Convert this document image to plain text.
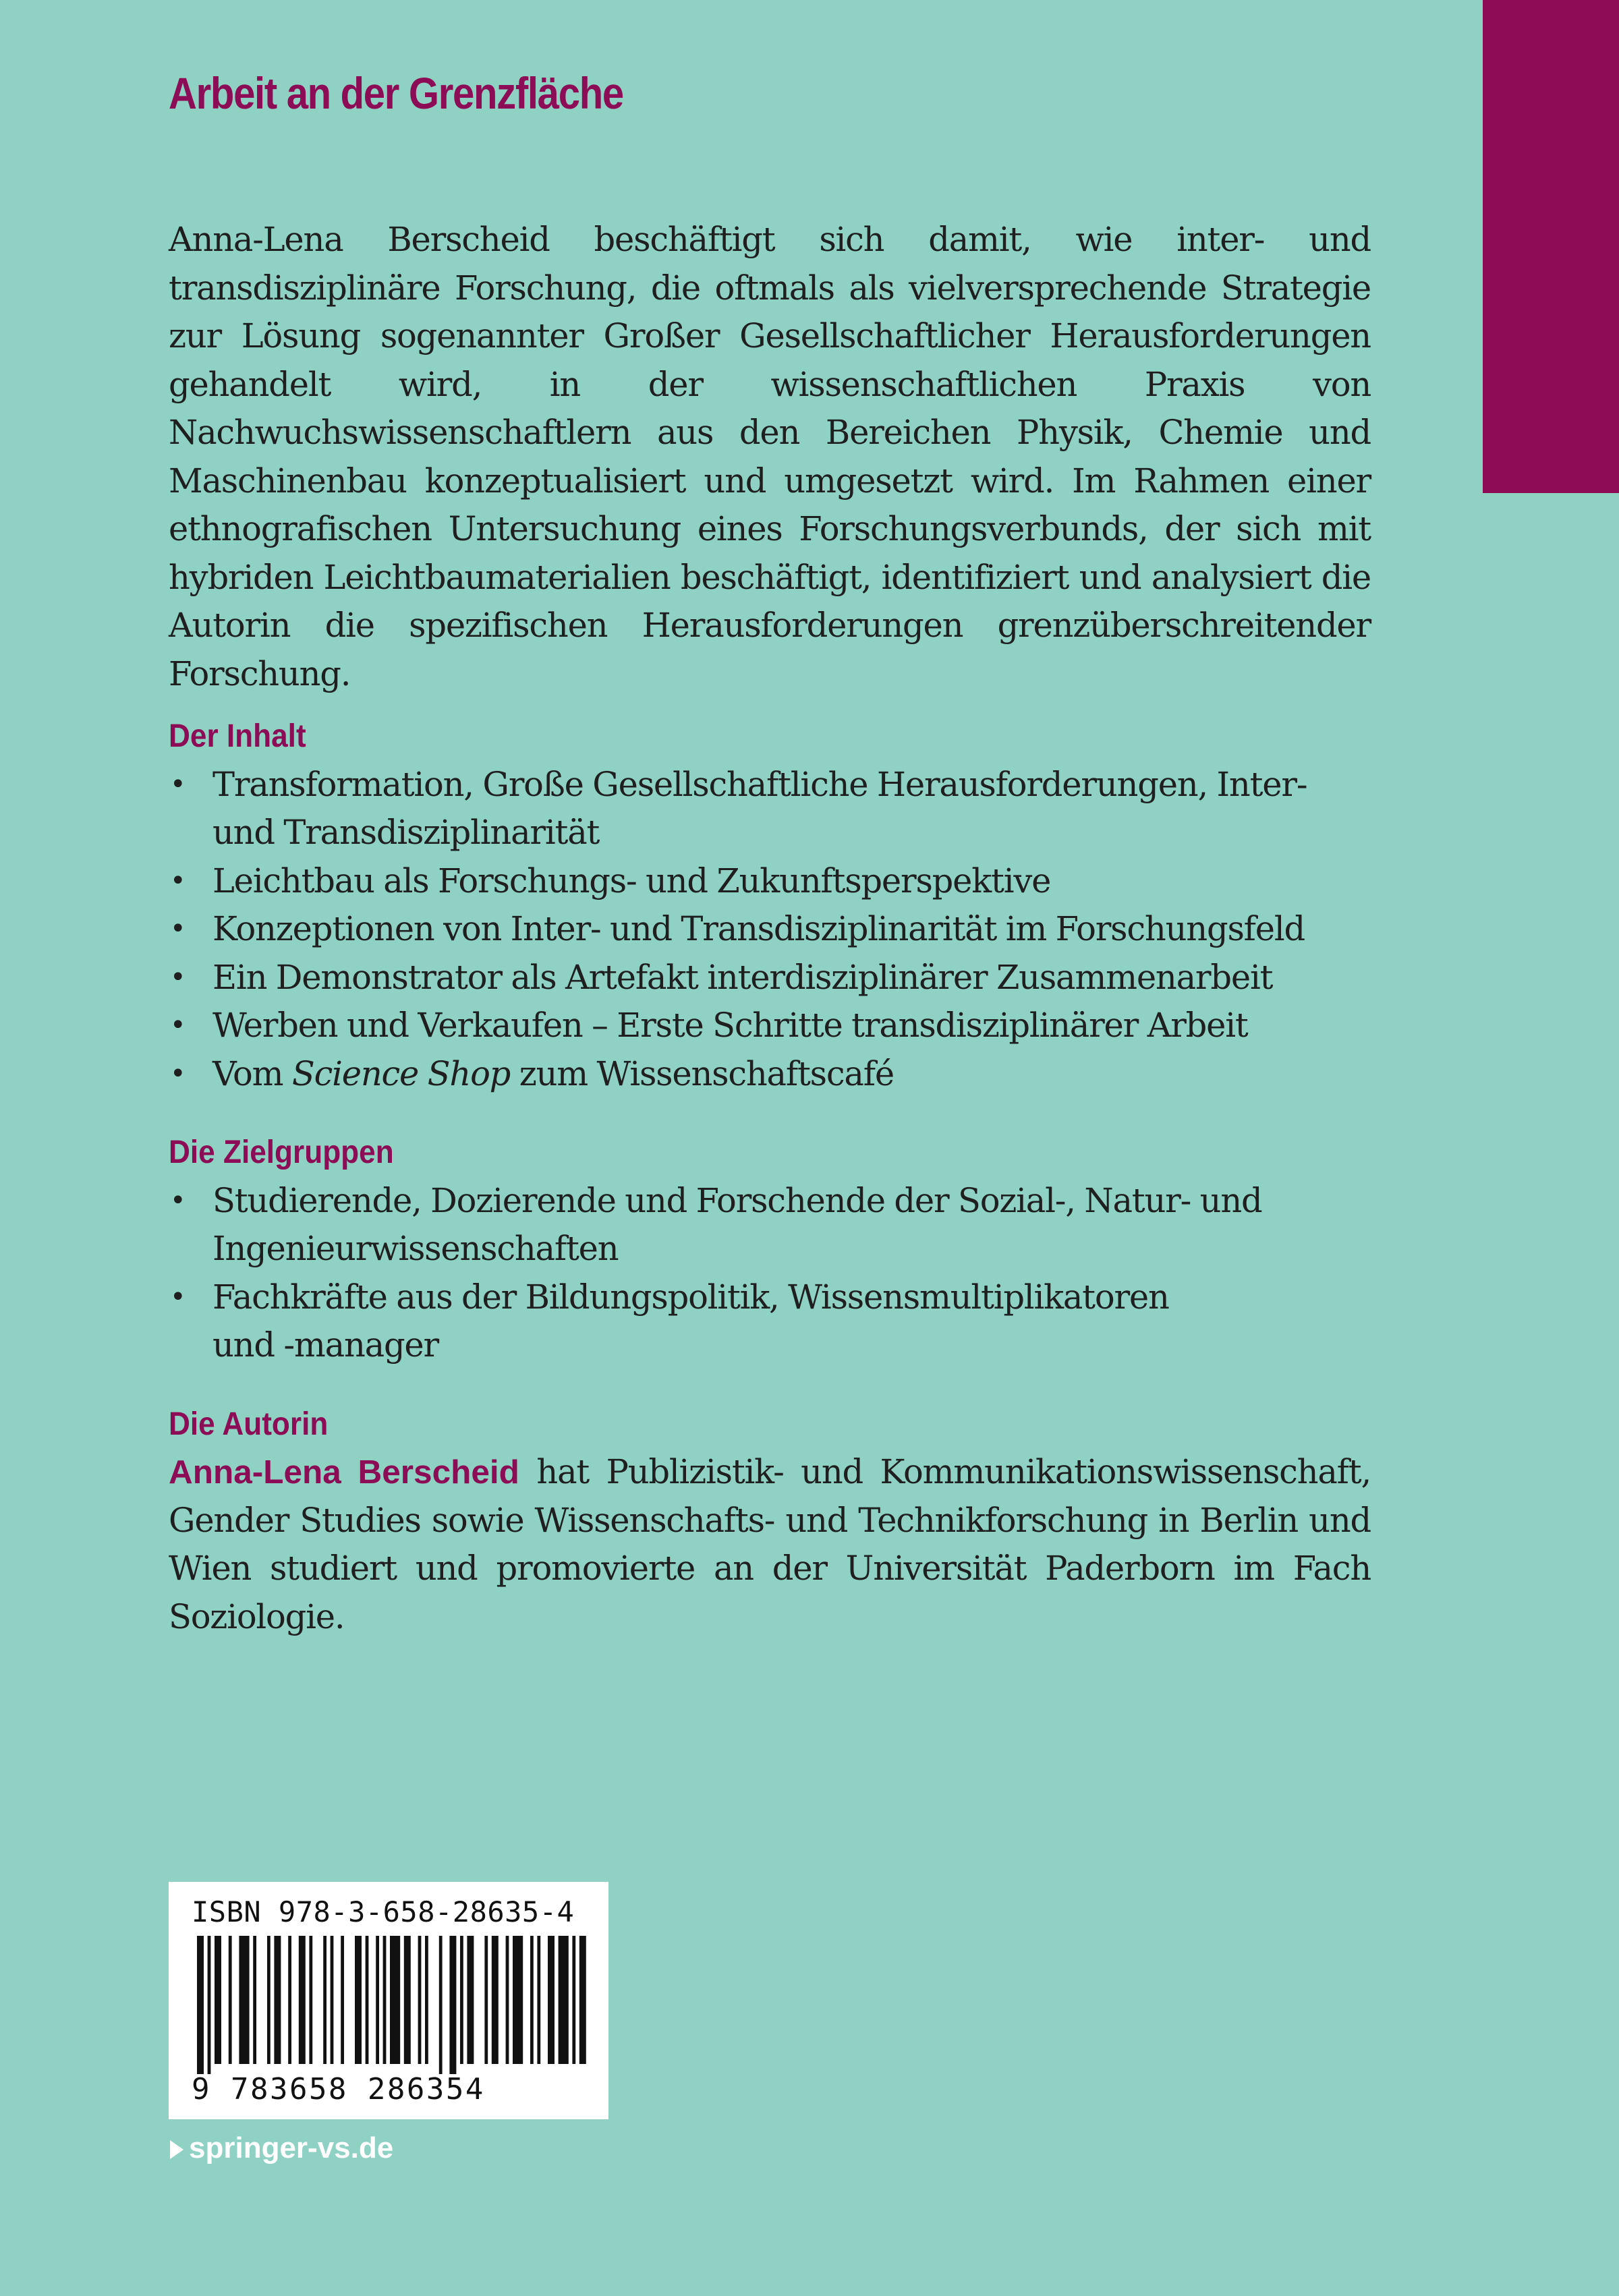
Arbeit an der Grenzfläche

Anna-Lena Berscheid beschäftigt sich damit, wie inter- und transdisziplinäre Forschung, die oftmals als vielversprechende Strategie zur Lösung sogenannter Großer Gesellschaftlicher Herausforderungen gehandelt wird, in der wissenschaftlichen Praxis von Nachwuchswissenschaftlern aus den Bereichen Physik, Chemie und Maschinenbau konzeptualisiert und umgesetzt wird. Im Rahmen einer ethnografischen Untersuchung eines Forschungsverbunds, der sich mit hybriden Leichtbaumaterialien beschäftigt, identifiziert und analysiert die Autorin die spezifischen Herausforderungen grenzüberschreitender Forschung.

Der Inhalt
• Transformation, Große Gesellschaftliche Herausforderungen, Inter- und Transdisziplinarität
• Leichtbau als Forschungs- und Zukunftsperspektive
• Konzeptionen von Inter- und Transdisziplinarität im Forschungsfeld
• Ein Demonstrator als Artefakt interdisziplinärer Zusammenarbeit
• Werben und Verkaufen – Erste Schritte transdisziplinärer Arbeit
• Vom Science Shop zum Wissenschaftscafé
Die Zielgruppen
• Studierende, Dozierende und Forschende der Sozial-, Natur- und Ingenieurwissenschaften
• Fachkräfte aus der Bildungspolitik, Wissensmultiplikatoren und -manager
Die Autorin

Anna-Lena Berscheid hat Publizistik- und Kommunikationswissenschaft, Gender Studies sowie Wissenschafts- und Technikforschung in Berlin und Wien studiert und promovierte an der Universität Paderborn im Fach Soziologie.

ISBN 978-3-658-28635-4
9 783658 286354
springer-vs.de
